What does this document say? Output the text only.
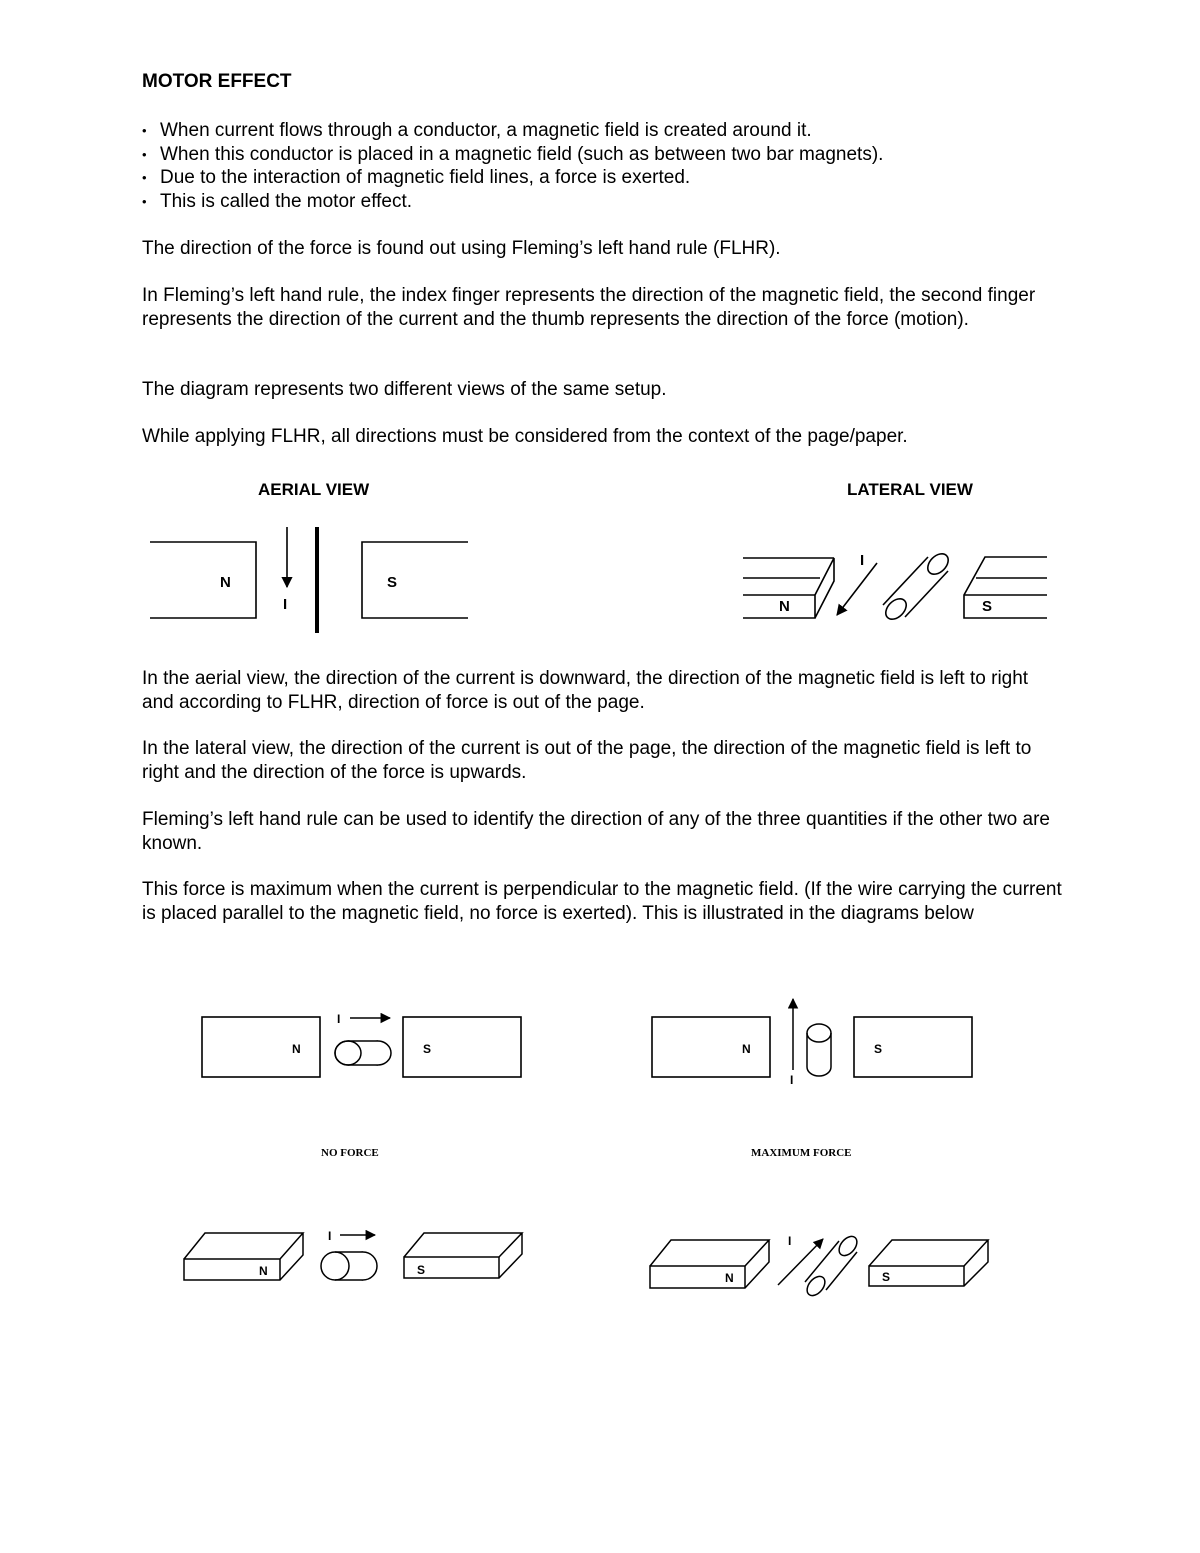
MOTOR EFFECT
• When current flows through a conductor, a magnetic field is created around it.
• When this conductor is placed in a magnetic field (such as between two bar magnets).
• Due to the interaction of magnetic field lines, a force is exerted.
• This is called the motor effect.

The direction of the force is found out using Fleming’s left hand rule (FLHR).

In Fleming’s left hand rule, the index finger represents the direction of the magnetic field, the second finger represents the direction of the current and the thumb represents the direction of the force (motion).

The diagram represents two different views of the same setup.

While applying FLHR, all directions must be considered from the context of the page/paper.

AERIAL VIEW	LATERAL VIEW

N
I
S
N
I
S

In the aerial view, the direction of the current is downward, the direction of the magnetic field is left to right and according to FLHR, direction of force is out of the page.

In the lateral view, the direction of the current is out of the page, the direction of the magnetic field is left to right and the direction of the force is upwards.

Fleming’s left hand rule can be used to identify the direction of any of the three quantities if the other two are known.

This force is maximum when the current is perpendicular to the magnetic field. (If the wire carrying the current is placed parallel to the magnetic field, no force is exerted). This is illustrated in the diagrams below

N
I
S	N
I
S

NO FORCE	MAXIMUM FORCE

N
I
S
N
I
S
